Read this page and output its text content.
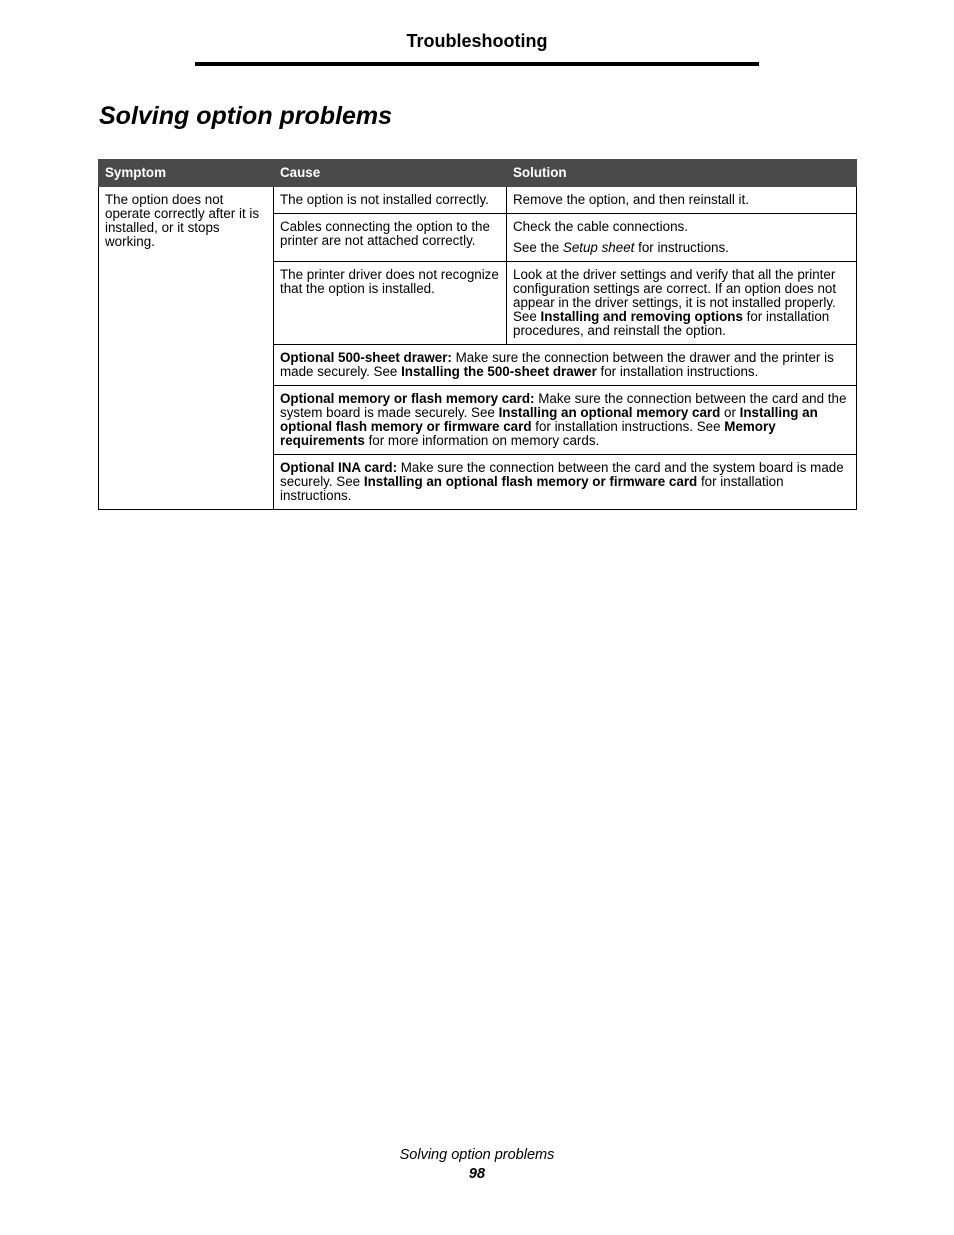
Troubleshooting
Solving option problems
Symptom	Cause	Solution
The option does not operate correctly after it is installed, or it stops working.	The option is not installed correctly.	Remove the option, and then reinstall it.
	Cables connecting the option to the printer are not attached correctly.	Check the cable connections.

See the Setup sheet for instructions.

	The printer driver does not recognize that the option is installed.	Look at the driver settings and verify that all the printer configuration settings are correct. If an option does not appear in the driver settings, it is not installed properly. See Installing and removing options for installation procedures, and reinstall the option.
	Optional 500-sheet drawer: Make sure the connection between the drawer and the printer is made securely. See Installing the 500-sheet drawer for installation instructions.	
	Optional memory or flash memory card: Make sure the connection between the card and the system board is made securely. See Installing an optional memory card or Installing an optional flash memory or firmware card for installation instructions. See Memory requirements for more information on memory cards.	
	Optional INA card: Make sure the connection between the card and the system board is made securely. See Installing an optional flash memory or firmware card for installation instructions.	
Solving option problems
98
